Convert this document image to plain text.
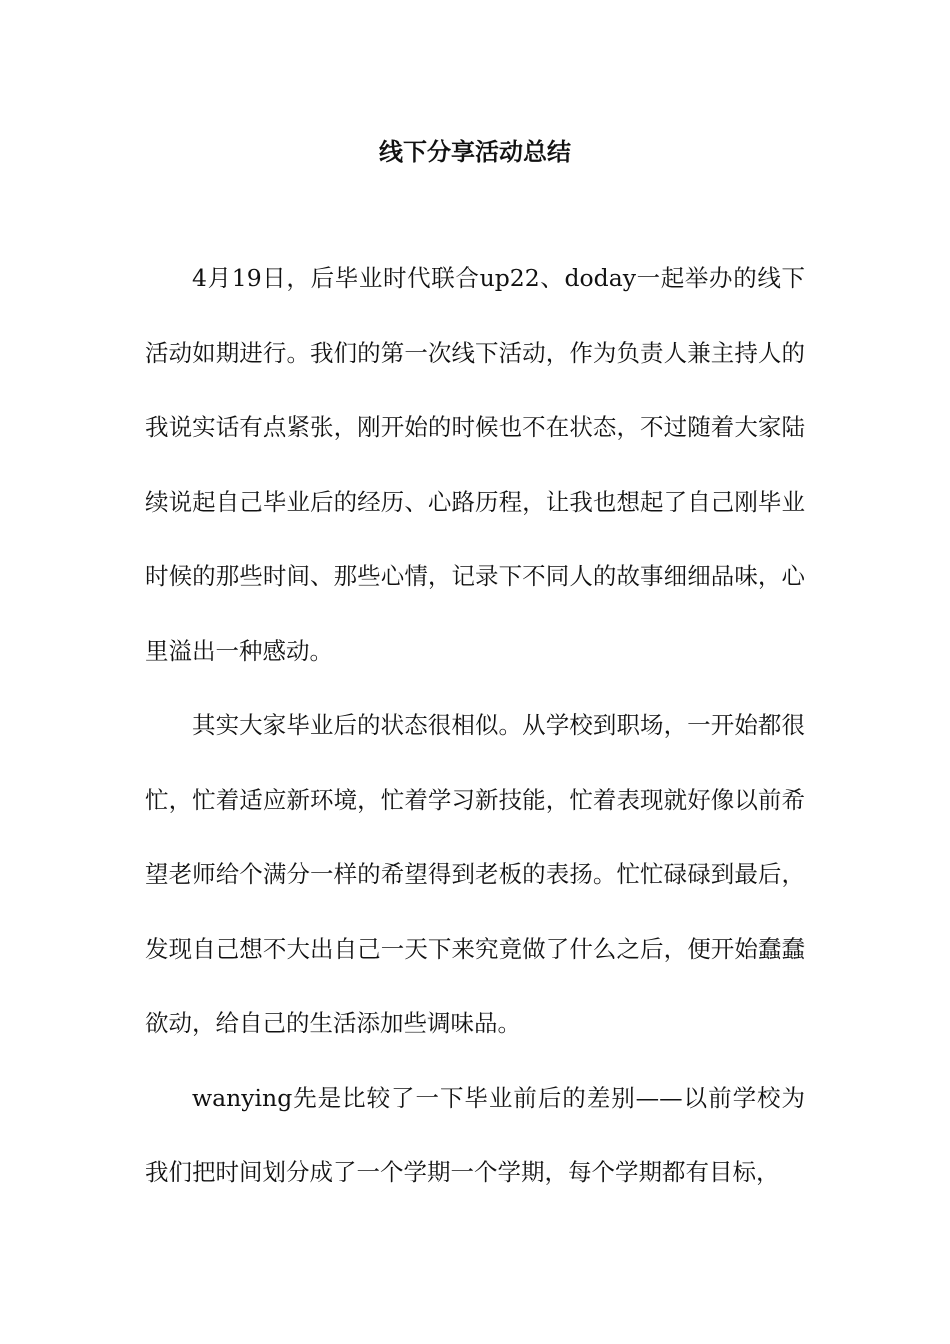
线下分享活动总结

4月19日，后毕业时代联合up22、doday一起举办的线下活动如期进行。我们的第一次线下活动，作为负责人兼主持人的我说实话有点紧张，刚开始的时候也不在状态，不过随着大家陆续说起自己毕业后的经历、心路历程，让我也想起了自己刚毕业时候的那些时间、那些心情，记录下不同人的故事细细品味，心里溢出一种感动。

其实大家毕业后的状态很相似。从学校到职场，一开始都很忙，忙着适应新环境，忙着学习新技能，忙着表现就好像以前希望老师给个满分一样的希望得到老板的表扬。忙忙碌碌到最后，发现自己想不大出自己一天下来究竟做了什么之后，便开始蠢蠢欲动，给自己的生活添加些调味品。

wanying先是比较了一下毕业前后的差别——以前学校为我们把时间划分成了一个学期一个学期，每个学期都有目标，
